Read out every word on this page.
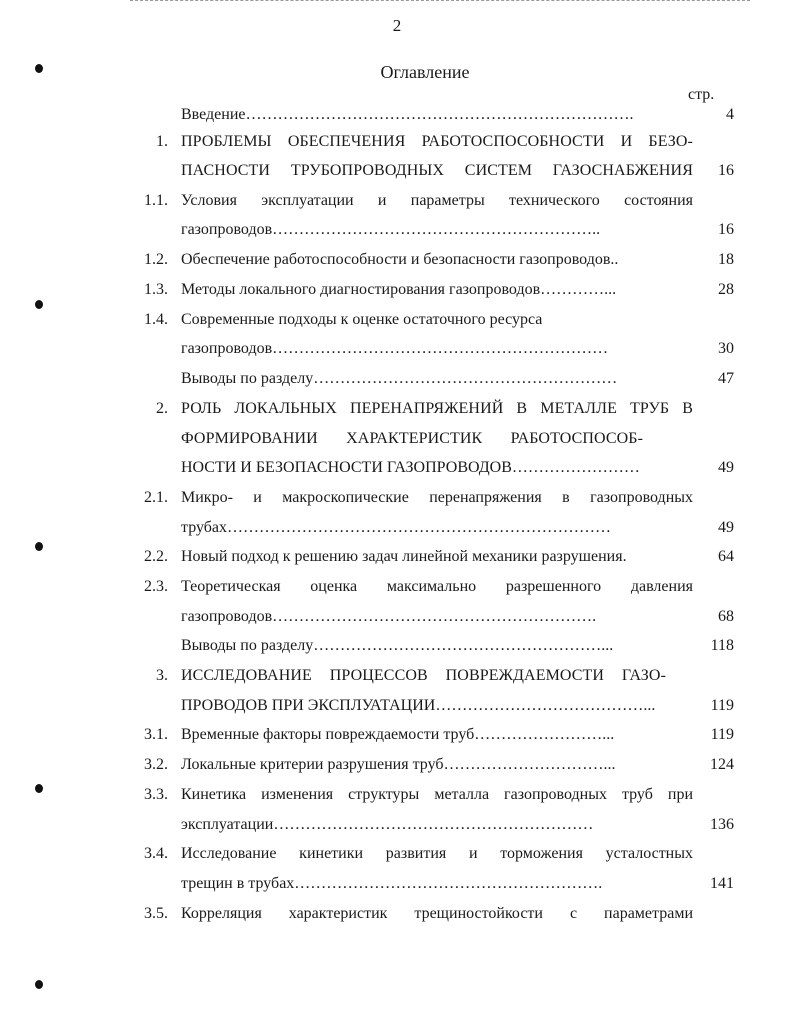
2
Оглавление
стр.
Введение……………………………………………………………….	4
1. ПРОБЛЕМЫ ОБЕСПЕЧЕНИЯ РАБОТОСПОСОБНОСТИ И БЕЗО-
ПАСНОСТИ ТРУБОПРОВОДНЫХ СИСТЕМ ГАЗОСНАБЖЕНИЯ	16
1.1. Условия эксплуатации и параметры технического состояния
газопроводов……………………………………………………..	16
1.2. Обеспечение работоспособности и безопасности газопроводов..	18
1.3. Методы локального диагностирования газопроводов…………...	28
1.4. Современные подходы к оценке остаточного ресурса
газопроводов………………………………………………………	30
Выводы по разделу…………………………………………………	47
2. РОЛЬ ЛОКАЛЬНЫХ ПЕРЕНАПРЯЖЕНИЙ В МЕТАЛЛЕ ТРУБ В
ФОРМИРОВАНИИ ХАРАКТЕРИСТИК РАБОТОСПОСОБ-
НОСТИ И БЕЗОПАСНОСТИ ГАЗОПРОВОДОВ……………………	49
2.1. Микро- и макроскопические перенапряжения в газопроводных
трубах………………………………………………………………	49
2.2. Новый подход к решению задач линейной механики разрушения.	64
2.3. Теоретическая оценка максимально разрешенного давления
газопроводов…………………………………………………….	68
Выводы по разделу………………………………………………...	118
3. ИССЛЕДОВАНИЕ ПРОЦЕССОВ ПОВРЕЖДАЕМОСТИ ГАЗО-
ПРОВОДОВ ПРИ ЭКСПЛУАТАЦИИ…………………………………...	119
3.1. Временные факторы повреждаемости труб……………………...	119
3.2. Локальные критерии разрушения труб…………………………...	124
3.3. Кинетика изменения структуры металла газопроводных труб при
эксплуатации……………………………………………………	136
3.4. Исследование кинетики развития и торможения усталостных
трещин в трубах………………………………………………….	141
3.5. Корреляция характеристик трещиностойкости с параметрами
